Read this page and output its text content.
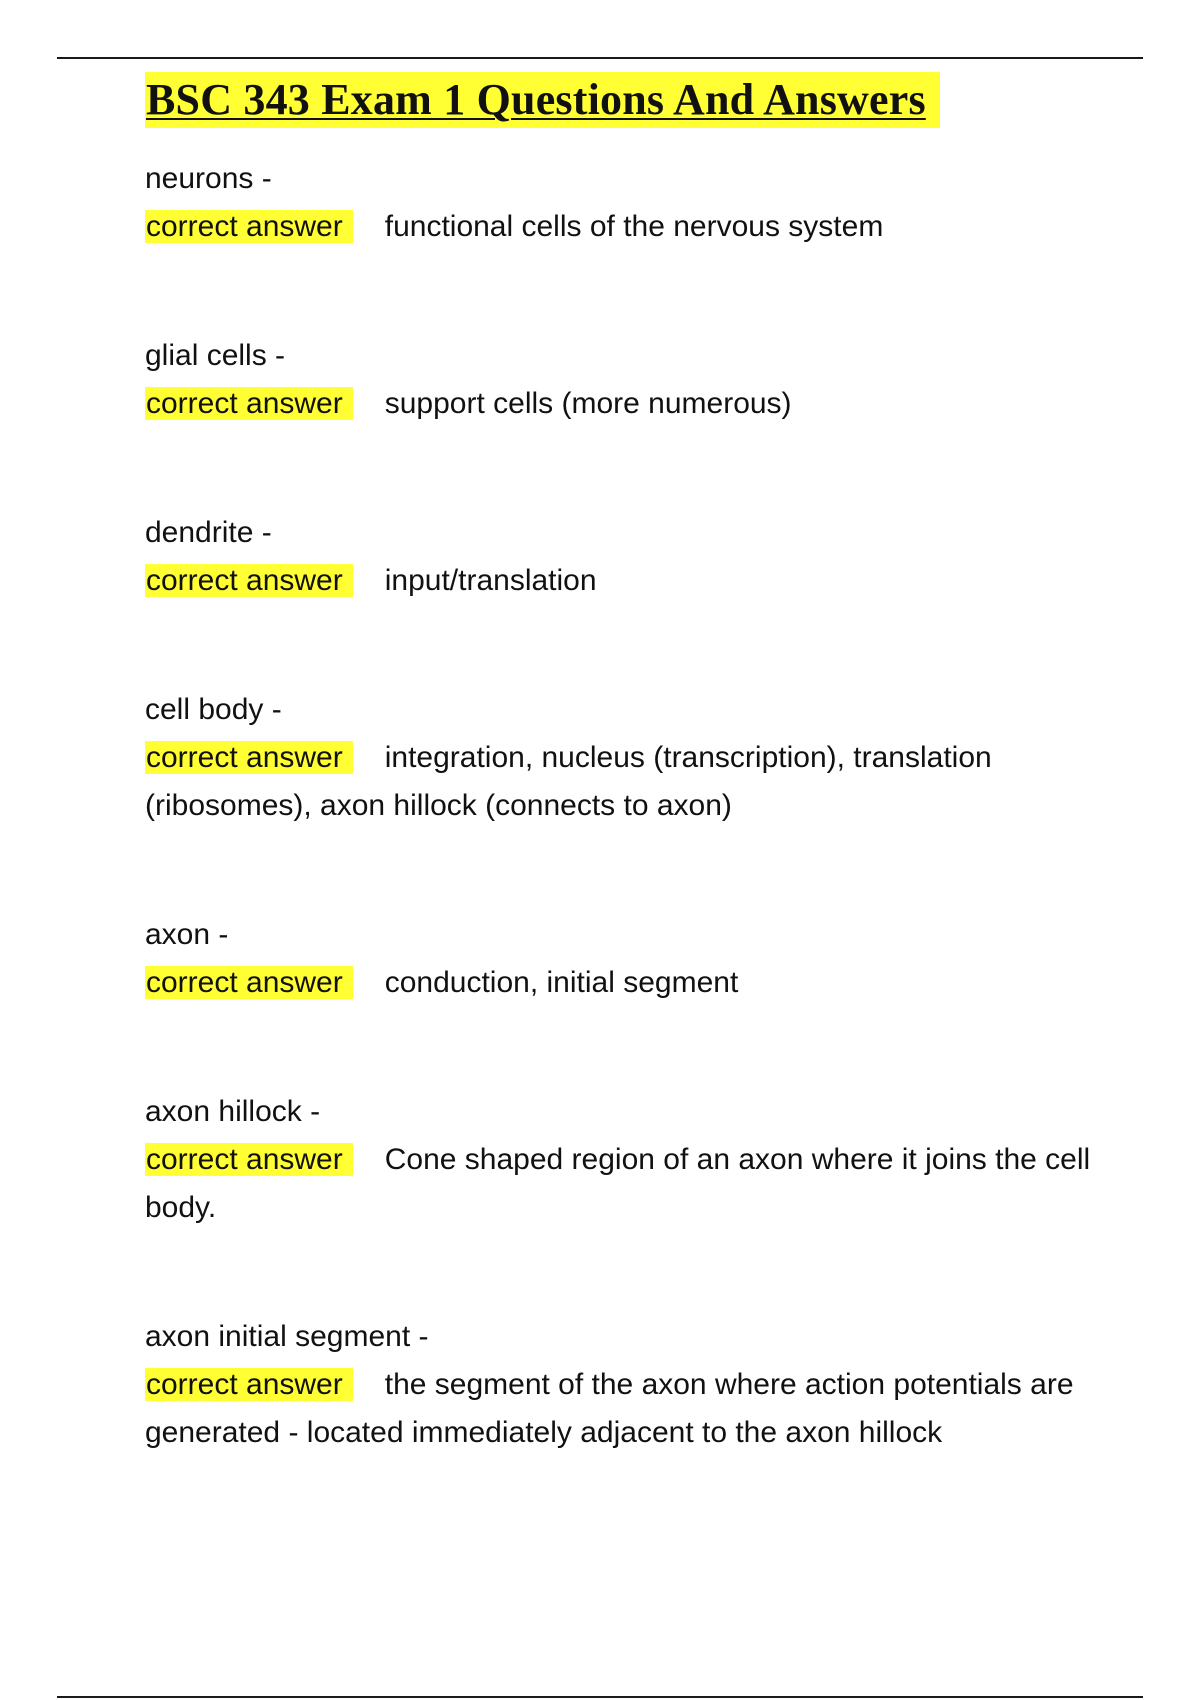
BSC 343 Exam 1 Questions And Answers
neurons -
correct answer functional cells of the nervous system
glial cells -
correct answer support cells (more numerous)
dendrite -
correct answer input/translation
cell body -
correct answer integration, nucleus (transcription), translation (ribosomes), axon hillock (connects to axon)
axon -
correct answer conduction, initial segment
axon hillock -
correct answer Cone shaped region of an axon where it joins the cell body.
axon initial segment -
correct answer the segment of the axon where action potentials are generated - located immediately adjacent to the axon hillock
